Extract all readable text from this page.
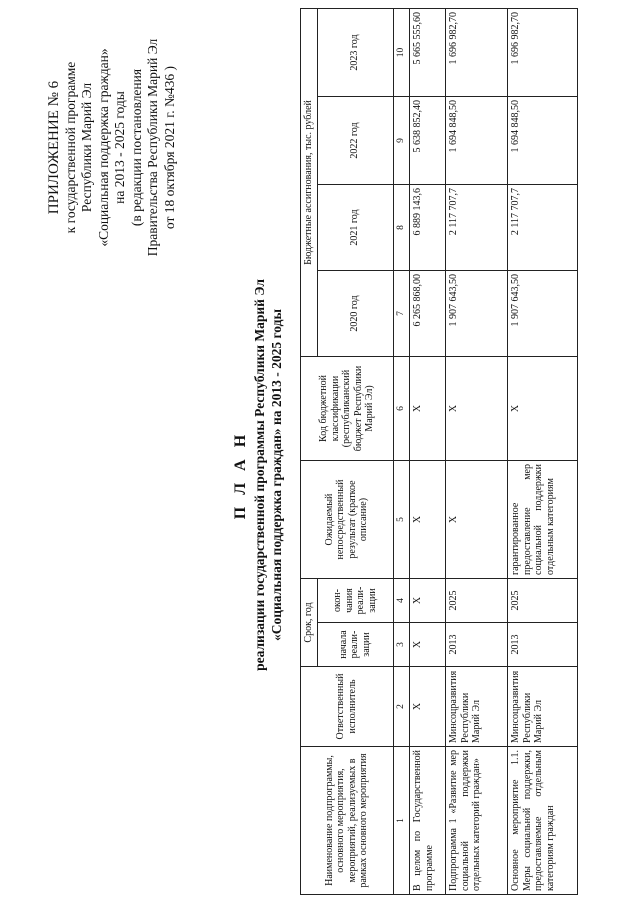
ПРИЛОЖЕНИЕ № 6 к государственной программе Республики Марий Эл «Социальная поддержка граждан» на 2013 - 2025 годы (в редакции постановления Правительства Республики Марий Эл от 18 октября 2021 г. №436 )
П Л А Н реализации государственной программы Республики Марий Эл «Социальная поддержка граждан» на 2013 - 2025 годы
Наименование подпрограммы, основного мероприятия, мероприятий, реализуемых в рамках основного мероприятия	Ответственный исполнитель	Срок, год		Ожидаемый непосредственный результат (краткое описание)	Код бюджетной классификации (республиканский бюджет Республики Марий Эл)	Бюджетные ассигнования, тыс. рублей			
		начала реали-зации	окон-чания реали-зации			2020 год	2021 год	2022 год	2023 год
1	2	3	4	5	6	7	8	9	10
В целом по Государственной программе	Х	Х	Х	Х	Х	6 265 868,00	6 889 143,6	5 638 852,40	5 665 555,60
Подпрограмма 1 «Развитие мер социальной поддержки отдельных категорий граждан»	Минсоцразвития Республики Марий Эл	2013	2025	Х	Х	1 907 643,50	2 117 707,7	1 694 848,50	1 696 982,70
Основное мероприятие 1.1. Меры социальной поддержки, предоставляемые отдельным категориям граждан	Минсоцразвития Республики Марий Эл	2013	2025	гарантированное предоставление мер социальной поддержки отдельным категориям	Х	1 907 643,50	2 117 707,7	1 694 848,50	1 696 982,70
